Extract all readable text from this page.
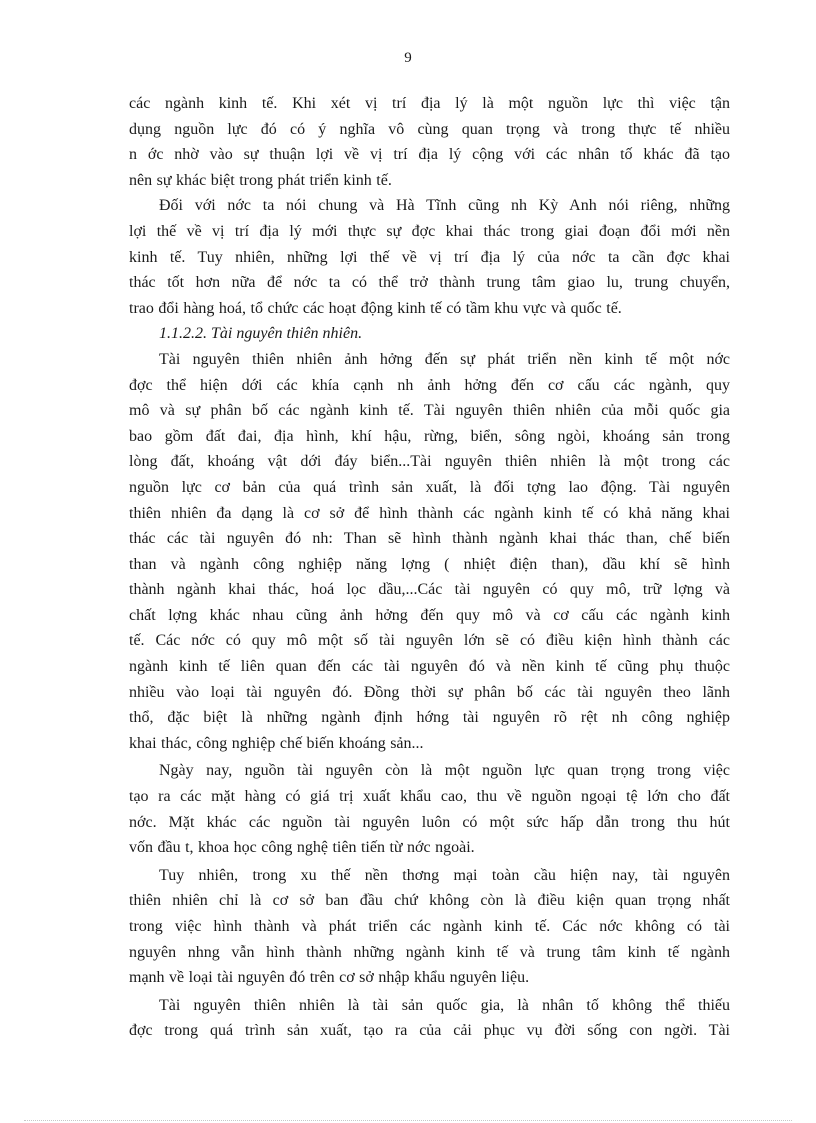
9

các ngành kinh tế. Khi xét vị trí địa lý là một nguồn lực thì việc tận
dụng nguồn lực đó có ý nghĩa vô cùng quan trọng và trong thực tế nhiều
n ớc nhờ vào sự thuận lợi về vị trí địa lý cộng với các nhân tố khác đã tạo
nên sự khác biệt trong phát triển kinh tế.

Đối với nớc ta nói chung và Hà Tĩnh cũng nh Kỳ Anh nói riêng, những
lợi thế về vị trí địa lý mới thực sự đợc khai thác trong giai đoạn đổi mới nền
kinh tế. Tuy nhiên, những lợi thế về vị trí địa lý của nớc ta cần đợc khai
thác tốt hơn nữa để nớc ta có thể trở thành trung tâm giao lu, trung chuyển,
trao đổi hàng hoá, tổ chức các hoạt động kinh tế có tầm khu vực và quốc tế.

1.1.2.2. Tài nguyên thiên nhiên.

Tài nguyên thiên nhiên ảnh hởng đến sự phát triển nền kinh tế một nớc
đợc thể hiện dới các khía cạnh nh ảnh hởng đến cơ cấu các ngành, quy
mô và sự phân bố các ngành kinh tế. Tài nguyên thiên nhiên của mỗi quốc gia
bao gồm đất đai, địa hình, khí hậu, rừng, biển, sông ngòi, khoáng sản trong
lòng đất, khoáng vật dới đáy biển...Tài nguyên thiên nhiên là một trong các
nguồn lực cơ bản của quá trình sản xuất, là đối tợng lao động. Tài nguyên
thiên nhiên đa dạng là cơ sở để hình thành các ngành kinh tế có khả năng khai
thác các tài nguyên đó nh: Than sẽ hình thành ngành khai thác than, chế biến
than và ngành công nghiệp năng lợng ( nhiệt điện than), dầu khí sẽ hình
thành ngành khai thác, hoá lọc dầu,...Các tài nguyên có quy mô, trữ lợng và
chất lợng khác nhau cũng ảnh hởng đến quy mô và cơ cấu các ngành kinh
tế. Các nớc có quy mô một số tài nguyên lớn sẽ có điều kiện hình thành các
ngành kinh tế liên quan đến các tài nguyên đó và nền kinh tế cũng phụ thuộc
nhiều vào loại tài nguyên đó. Đồng thời sự phân bố các tài nguyên theo lãnh
thổ, đặc biệt là những ngành định hớng tài nguyên rõ rệt nh công nghiệp
khai thác, công nghiệp chế biến khoáng sản...

Ngày nay, nguồn tài nguyên còn là một nguồn lực quan trọng trong việc
tạo ra các mặt hàng có giá trị xuất khẩu cao, thu về nguồn ngoại tệ lớn cho đất
nớc. Mặt khác các nguồn tài nguyên luôn có một sức hấp dẫn trong thu hút
vốn đầu t, khoa học công nghệ tiên tiến từ nớc ngoài.

Tuy nhiên, trong xu thế nền thơng mại toàn cầu hiện nay, tài nguyên
thiên nhiên chỉ là cơ sở ban đầu chứ không còn là điều kiện quan trọng nhất
trong việc hình thành và phát triển các ngành kinh tế. Các nớc không có tài
nguyên nhng vẫn hình thành những ngành kinh tế và trung tâm kinh tế ngành
mạnh về loại tài nguyên đó trên cơ sở nhập khẩu nguyên liệu.

Tài nguyên thiên nhiên là tài sản quốc gia, là nhân tố không thể thiếu
đợc trong quá trình sản xuất, tạo ra của cải phục vụ đời sống con ngời. Tài
